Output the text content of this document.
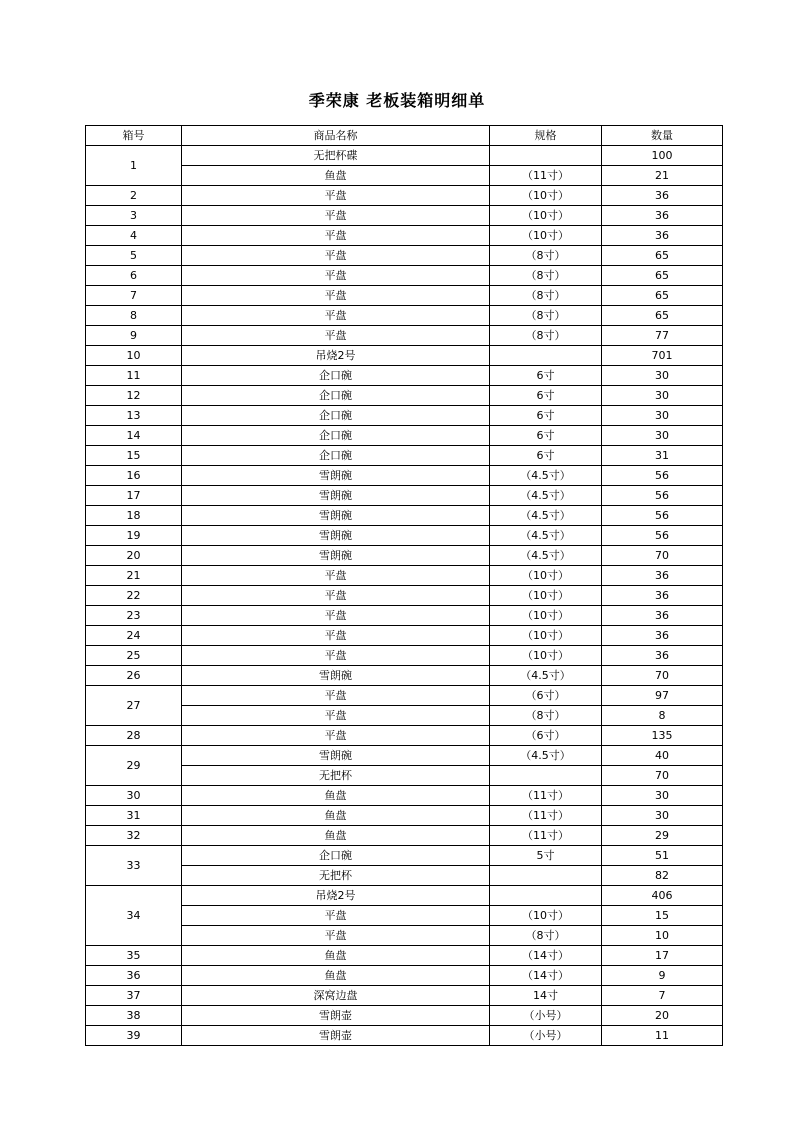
季荣康 老板装箱明细单
箱号	商品名称	规格	数量
1	无把杯碟		100
	鱼盘	（11寸）	21
2	平盘	（10寸）	36
3	平盘	（10寸）	36
4	平盘	（10寸）	36
5	平盘	（8寸）	65
6	平盘	（8寸）	65
7	平盘	（8寸）	65
8	平盘	（8寸）	65
9	平盘	（8寸）	77
10	吊烧2号		701
11	企口碗	6寸	30
12	企口碗	6寸	30
13	企口碗	6寸	30
14	企口碗	6寸	30
15	企口碗	6寸	31
16	雪朗碗	（4.5寸）	56
17	雪朗碗	（4.5寸）	56
18	雪朗碗	（4.5寸）	56
19	雪朗碗	（4.5寸）	56
20	雪朗碗	（4.5寸）	70
21	平盘	（10寸）	36
22	平盘	（10寸）	36
23	平盘	（10寸）	36
24	平盘	（10寸）	36
25	平盘	（10寸）	36
26	雪朗碗	（4.5寸）	70
27	平盘	（6寸）	97
	平盘	（8寸）	8
28	平盘	（6寸）	135
29	雪朗碗	（4.5寸）	40
	无把杯		70
30	鱼盘	（11寸）	30
31	鱼盘	（11寸）	30
32	鱼盘	（11寸）	29
33	企口碗	5寸	51
	无把杯		82
34	吊烧2号		406
	平盘	（10寸）	15
	平盘	（8寸）	10
35	鱼盘	（14寸）	17
36	鱼盘	（14寸）	9
37	深窝边盘	14寸	7
38	雪朗壶	（小号）	20
39	雪朗壶	（小号）	11
